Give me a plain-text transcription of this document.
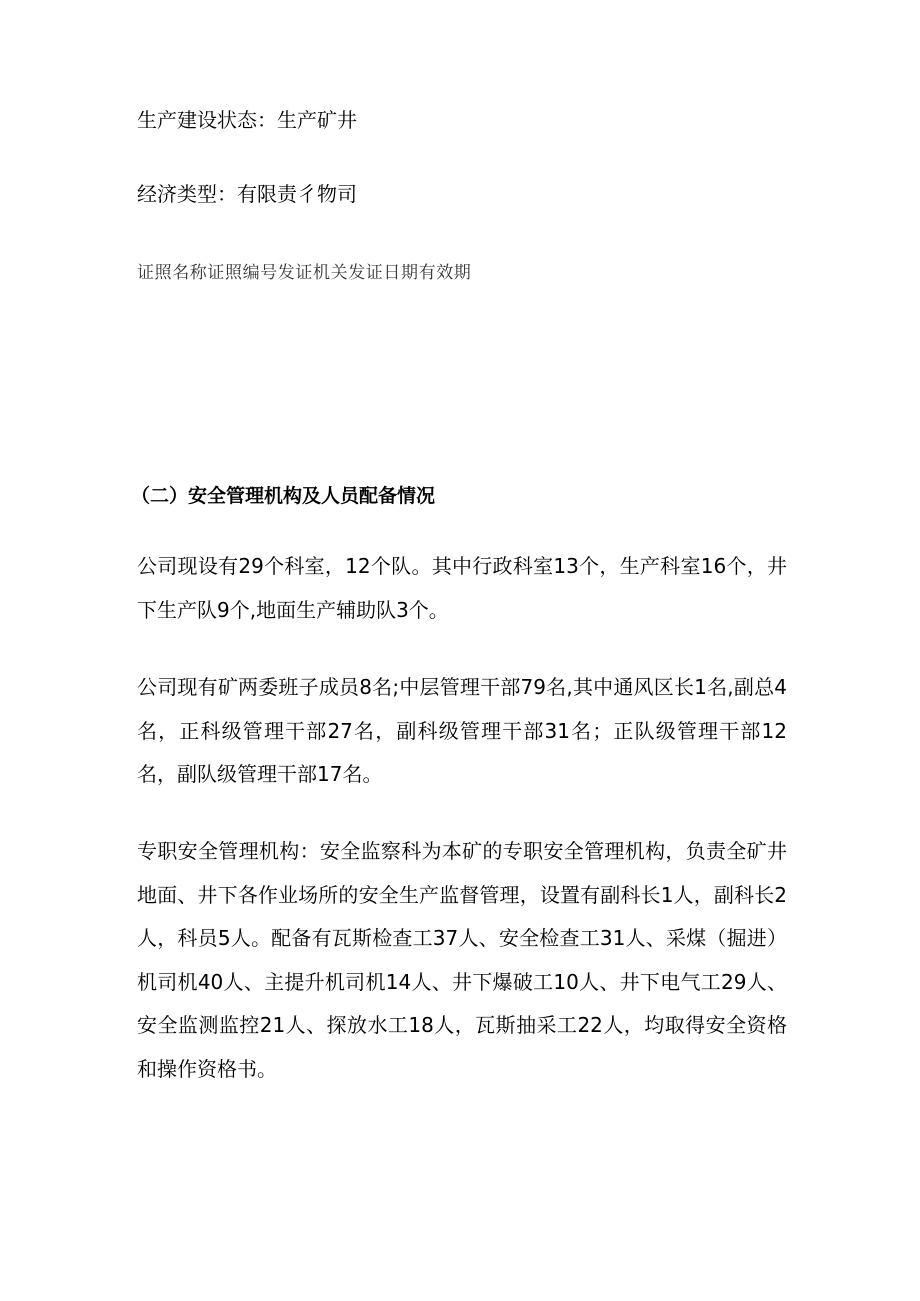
生产建设状态：生产矿井
经济类型：有限责彳物司
证照名称证照编号发证机关发证日期有效期
（二）安全管理机构及人员配备情况
公司现设有29个科室，12个队。其中行政科室13个，生产科室16个，井下生产队9个,地面生产辅助队3个。
公司现有矿两委班子成员8名;中层管理干部79名,其中通风区长1名,副总4名，正科级管理干部27名，副科级管理干部31名；正队级管理干部12名，副队级管理干部17名。
专职安全管理机构：安全监察科为本矿的专职安全管理机构，负责全矿井地面、井下各作业场所的安全生产监督管理，设置有副科长1人，副科长2人，科员5人。配备有瓦斯检查工37人、安全检查工31人、采煤（掘进）机司机40人、主提升机司机14人、井下爆破工10人、井下电气工29人、安全监测监控21人、探放水工18人，瓦斯抽采工22人，均取得安全资格和操作资格书。
